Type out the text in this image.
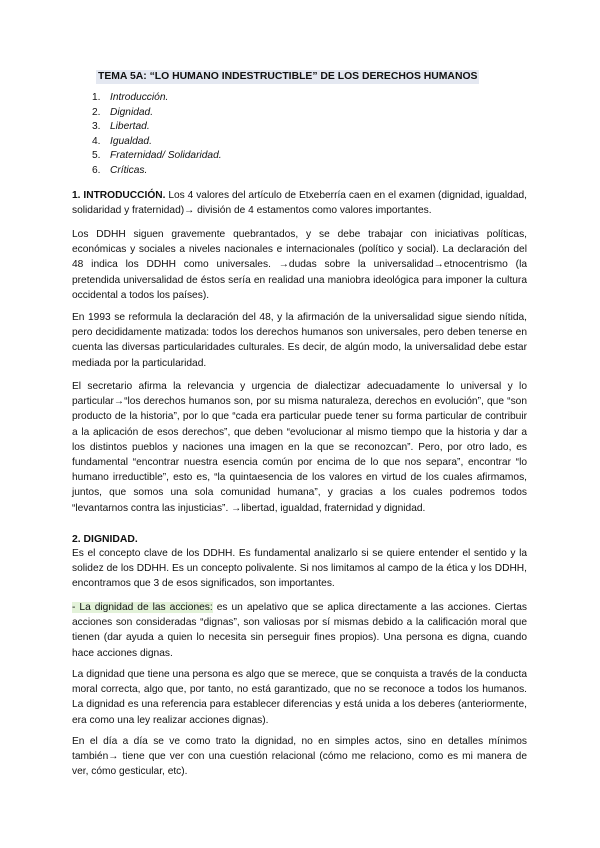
TEMA 5A: “LO HUMANO INDESTRUCTIBLE” DE LOS DERECHOS HUMANOS
1. Introducción.
2. Dignidad.
3. Libertad.
4. Igualdad.
5. Fraternidad/ Solidaridad.
6. Críticas.

1. INTRODUCCIÓN. Los 4 valores del artículo de Etxeberría caen en el examen (dignidad, igualdad, solidaridad y fraternidad)→ división de 4 estamentos como valores importantes.

Los DDHH siguen gravemente quebrantados, y se debe trabajar con iniciativas políticas, económicas y sociales a niveles nacionales e internacionales (político y social). La declaración del 48 indica los DDHH como universales. →dudas sobre la universalidad→etnocentrismo (la pretendida universalidad de éstos sería en realidad una maniobra ideológica para imponer la cultura occidental a todos los países).

En 1993 se reformula la declaración del 48, y la afirmación de la universalidad sigue siendo nítida, pero decididamente matizada: todos los derechos humanos son universales, pero deben tenerse en cuenta las diversas particularidades culturales. Es decir, de algún modo, la universalidad debe estar mediada por la particularidad.

El secretario afirma la relevancia y urgencia de dialectizar adecuadamente lo universal y lo particular→“los derechos humanos son, por su misma naturaleza, derechos en evolución”, que “son producto de la historia”, por lo que “cada era particular puede tener su forma particular de contribuir a la aplicación de esos derechos”, que deben “evolucionar al mismo tiempo que la historia y dar a los distintos pueblos y naciones una imagen en la que se reconozcan”. Pero, por otro lado, es fundamental “encontrar nuestra esencia común por encima de lo que nos separa”, encontrar “lo humano irreductible”, esto es, “la quintaesencia de los valores en virtud de los cuales afirmamos, juntos, que somos una sola comunidad humana”, y gracias a los cuales podremos todos “levantarnos contra las injusticias”. →libertad, igualdad, fraternidad y dignidad.

2. DIGNIDAD.

Es el concepto clave de los DDHH. Es fundamental analizarlo si se quiere entender el sentido y la solidez de los DDHH. Es un concepto polivalente. Si nos limitamos al campo de la ética y los DDHH, encontramos que 3 de esos significados, son importantes.

- La dignidad de las acciones: es un apelativo que se aplica directamente a las acciones. Ciertas acciones son consideradas “dignas”, son valiosas por sí mismas debido a la calificación moral que tienen (dar ayuda a quien lo necesita sin perseguir fines propios). Una persona es digna, cuando hace acciones dignas.

La dignidad que tiene una persona es algo que se merece, que se conquista a través de la conducta moral correcta, algo que, por tanto, no está garantizado, que no se reconoce a todos los humanos. La dignidad es una referencia para establecer diferencias y está unida a los deberes (anteriormente, era como una ley realizar acciones dignas).

En el día a día se ve como trato la dignidad, no en simples actos, sino en detalles mínimos también→ tiene que ver con una cuestión relacional (cómo me relaciono, como es mi manera de ver, cómo gesticular, etc).
